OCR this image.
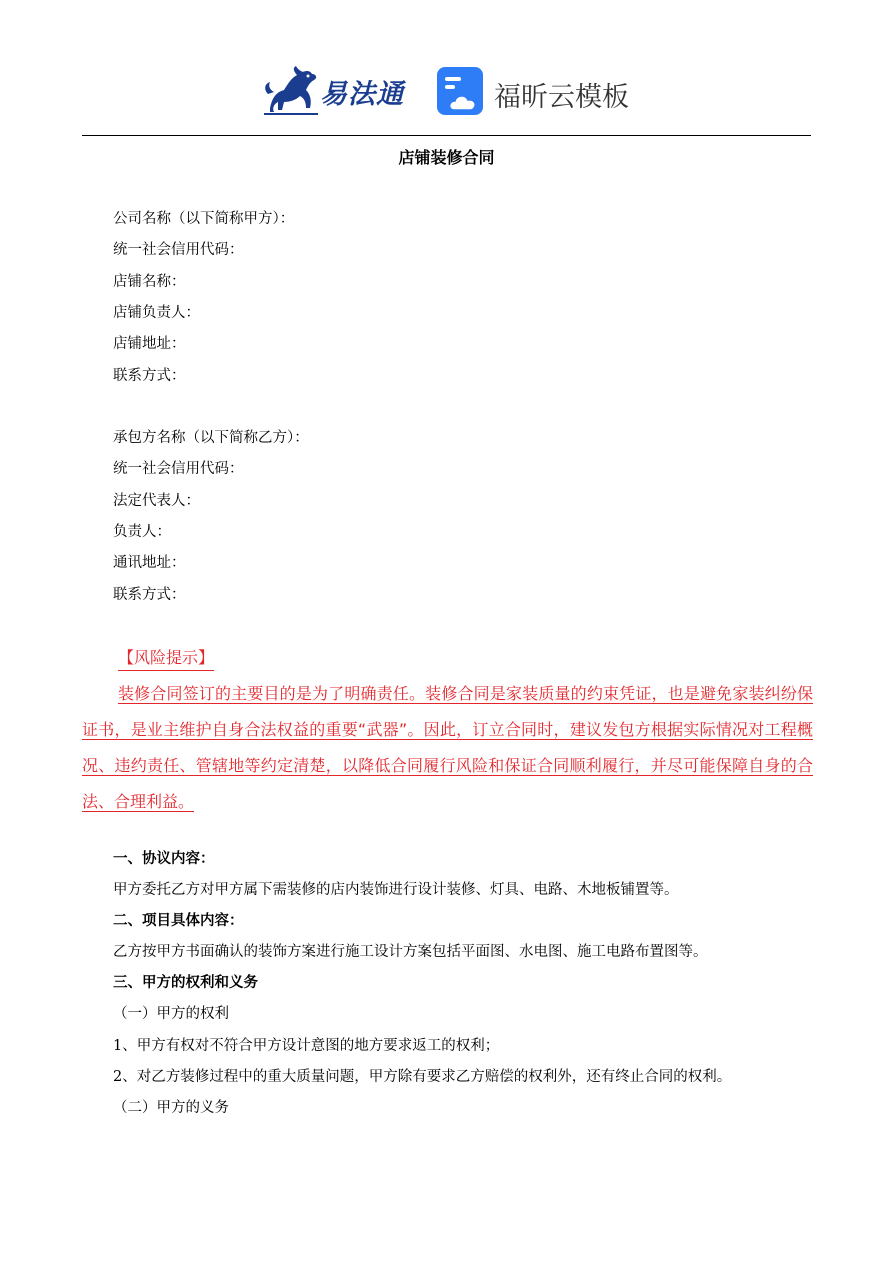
易法通	福昕云模板
店铺装修合同
公司名称（以下简称甲方）：
统一社会信用代码：
店铺名称：
店铺负责人：
店铺地址：
联系方式：
承包方名称（以下简称乙方）：
统一社会信用代码：
法定代表人：
负责人：
通讯地址：
联系方式：
【风险提示】
装修合同签订的主要目的是为了明确责任。装修合同是家装质量的约束凭证，也是避免家装纠纷保证书，是业主维护自身合法权益的重要“武器”。因此，订立合同时，建议发包方根据实际情况对工程概况、违约责任、管辖地等约定清楚，以降低合同履行风险和保证合同顺利履行，并尽可能保障自身的合法、合理利益。
一、协议内容：
甲方委托乙方对甲方属下需装修的店内装饰进行设计装修、灯具、电路、木地板铺置等。
二、项目具体内容：
乙方按甲方书面确认的装饰方案进行施工设计方案包括平面图、水电图、施工电路布置图等。
三、甲方的权利和义务
（一）甲方的权利
1、甲方有权对不符合甲方设计意图的地方要求返工的权利；
2、对乙方装修过程中的重大质量问题，甲方除有要求乙方赔偿的权利外，还有终止合同的权利。
（二）甲方的义务
